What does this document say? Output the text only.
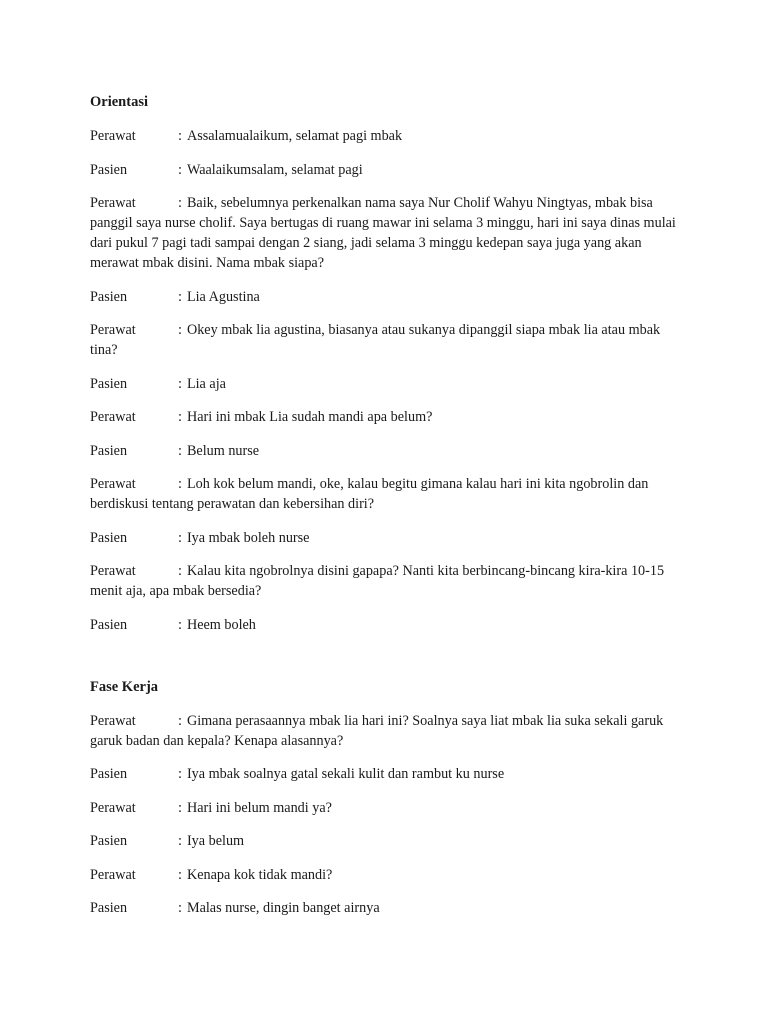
Orientasi

Perawat	: Assalamualaikum, selamat pagi mbak

Pasien	: Waalaikumsalam, selamat pagi

Perawat	: Baik, sebelumnya perkenalkan nama saya Nur Cholif Wahyu Ningtyas, mbak bisa panggil saya nurse cholif. Saya bertugas di ruang mawar ini selama 3 minggu, hari ini saya dinas mulai dari pukul 7 pagi tadi sampai dengan 2 siang, jadi selama 3 minggu kedepan saya juga yang akan merawat mbak disini. Nama mbak siapa?

Pasien	: Lia Agustina

Perawat	: Okey mbak lia agustina, biasanya atau sukanya dipanggil siapa mbak lia atau mbak tina?

Pasien	: Lia aja

Perawat	: Hari ini mbak Lia sudah mandi apa belum?

Pasien	: Belum nurse

Perawat	: Loh kok belum mandi, oke, kalau begitu gimana kalau hari ini kita ngobrolin dan berdiskusi tentang perawatan dan kebersihan diri?

Pasien	: Iya mbak boleh nurse

Perawat	: Kalau kita ngobrolnya disini gapapa? Nanti kita berbincang-bincang kira-kira 10-15 menit aja, apa mbak bersedia?

Pasien	: Heem boleh

Fase Kerja

Perawat	: Gimana perasaannya mbak lia hari ini? Soalnya saya liat mbak lia suka sekali garuk garuk badan dan kepala? Kenapa alasannya?

Pasien	: Iya mbak soalnya gatal sekali kulit dan rambut ku nurse

Perawat	: Hari ini belum mandi ya?

Pasien	: Iya belum

Perawat	: Kenapa kok tidak mandi?

Pasien	: Malas nurse, dingin banget airnya
